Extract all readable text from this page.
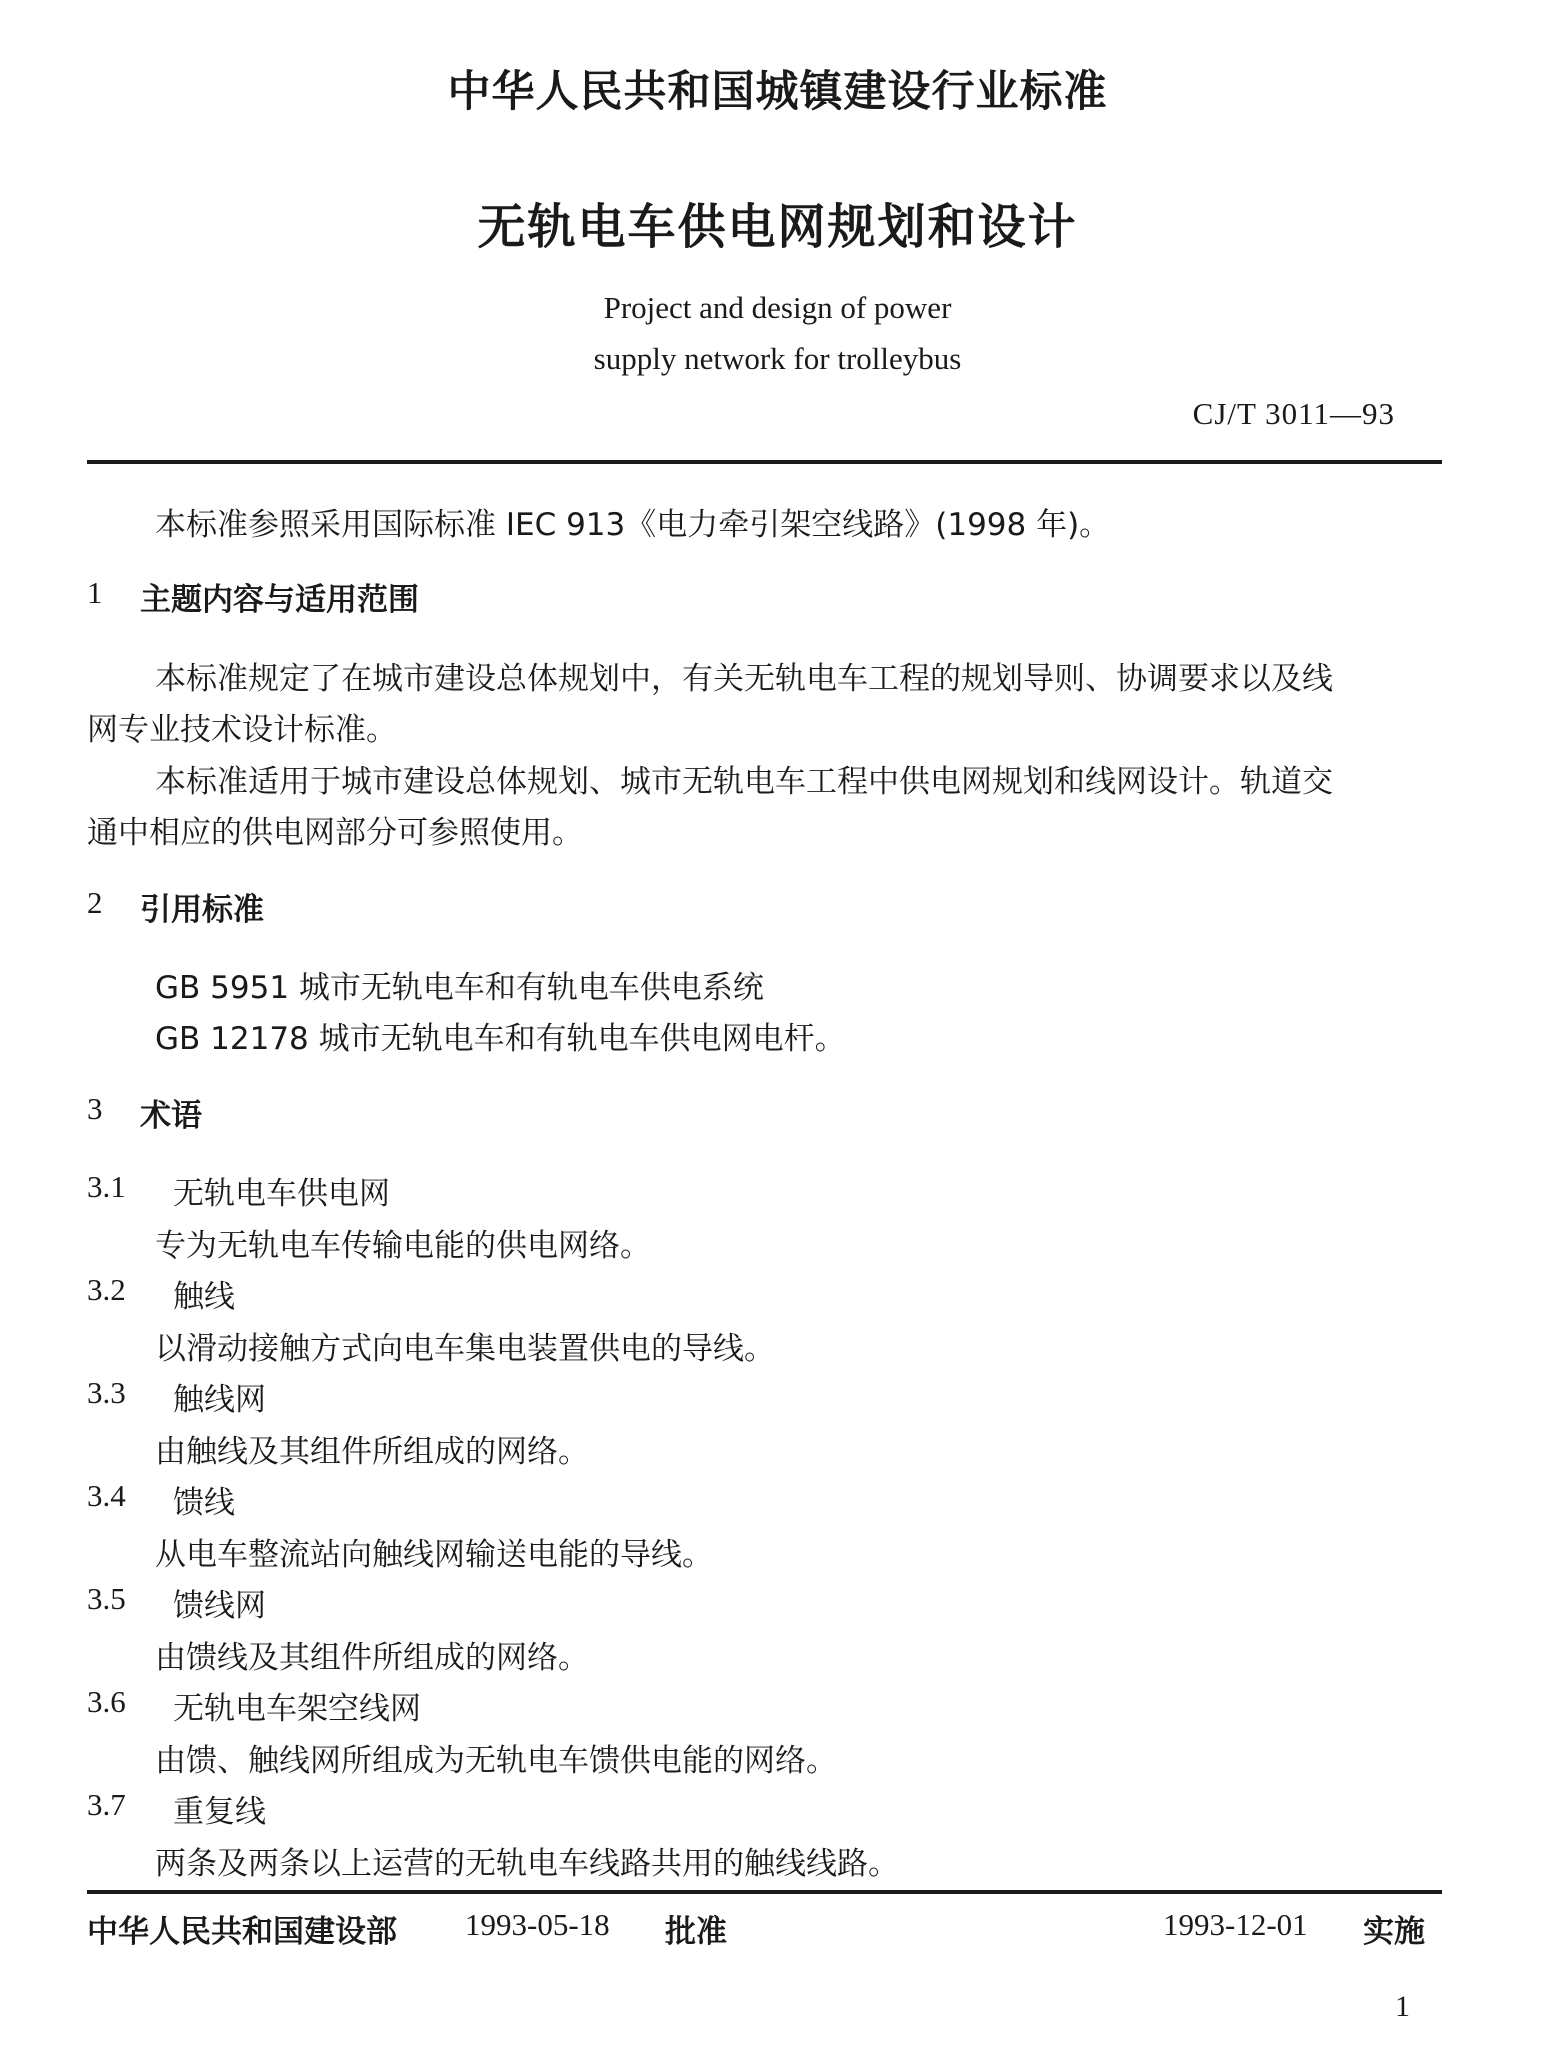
中华人民共和国城镇建设行业标准
无轨电车供电网规划和设计
Project and design of power
supply network for trolleybus
CJ/T 3011—93
本标准参照采用国际标准 IEC 913《电力牵引架空线路》(1998 年)。
1 主题内容与适用范围
本标准规定了在城市建设总体规划中，有关无轨电车工程的规划导则、协调要求以及线
网专业技术设计标准。
本标准适用于城市建设总体规划、城市无轨电车工程中供电网规划和线网设计。轨道交
通中相应的供电网部分可参照使用。
2 引用标准
GB 5951 城市无轨电车和有轨电车供电系统
GB 12178 城市无轨电车和有轨电车供电网电杆。
3 术语
3.1 无轨电车供电网
专为无轨电车传输电能的供电网络。
3.2 触线
以滑动接触方式向电车集电装置供电的导线。
3.3 触线网
由触线及其组件所组成的网络。
3.4 馈线
从电车整流站向触线网输送电能的导线。
3.5 馈线网
由馈线及其组件所组成的网络。
3.6 无轨电车架空线网
由馈、触线网所组成为无轨电车馈供电能的网络。
3.7 重复线
两条及两条以上运营的无轨电车线路共用的触线线路。
中华人民共和国建设部 1993-05-18 批准	1993-12-01 实施
1
